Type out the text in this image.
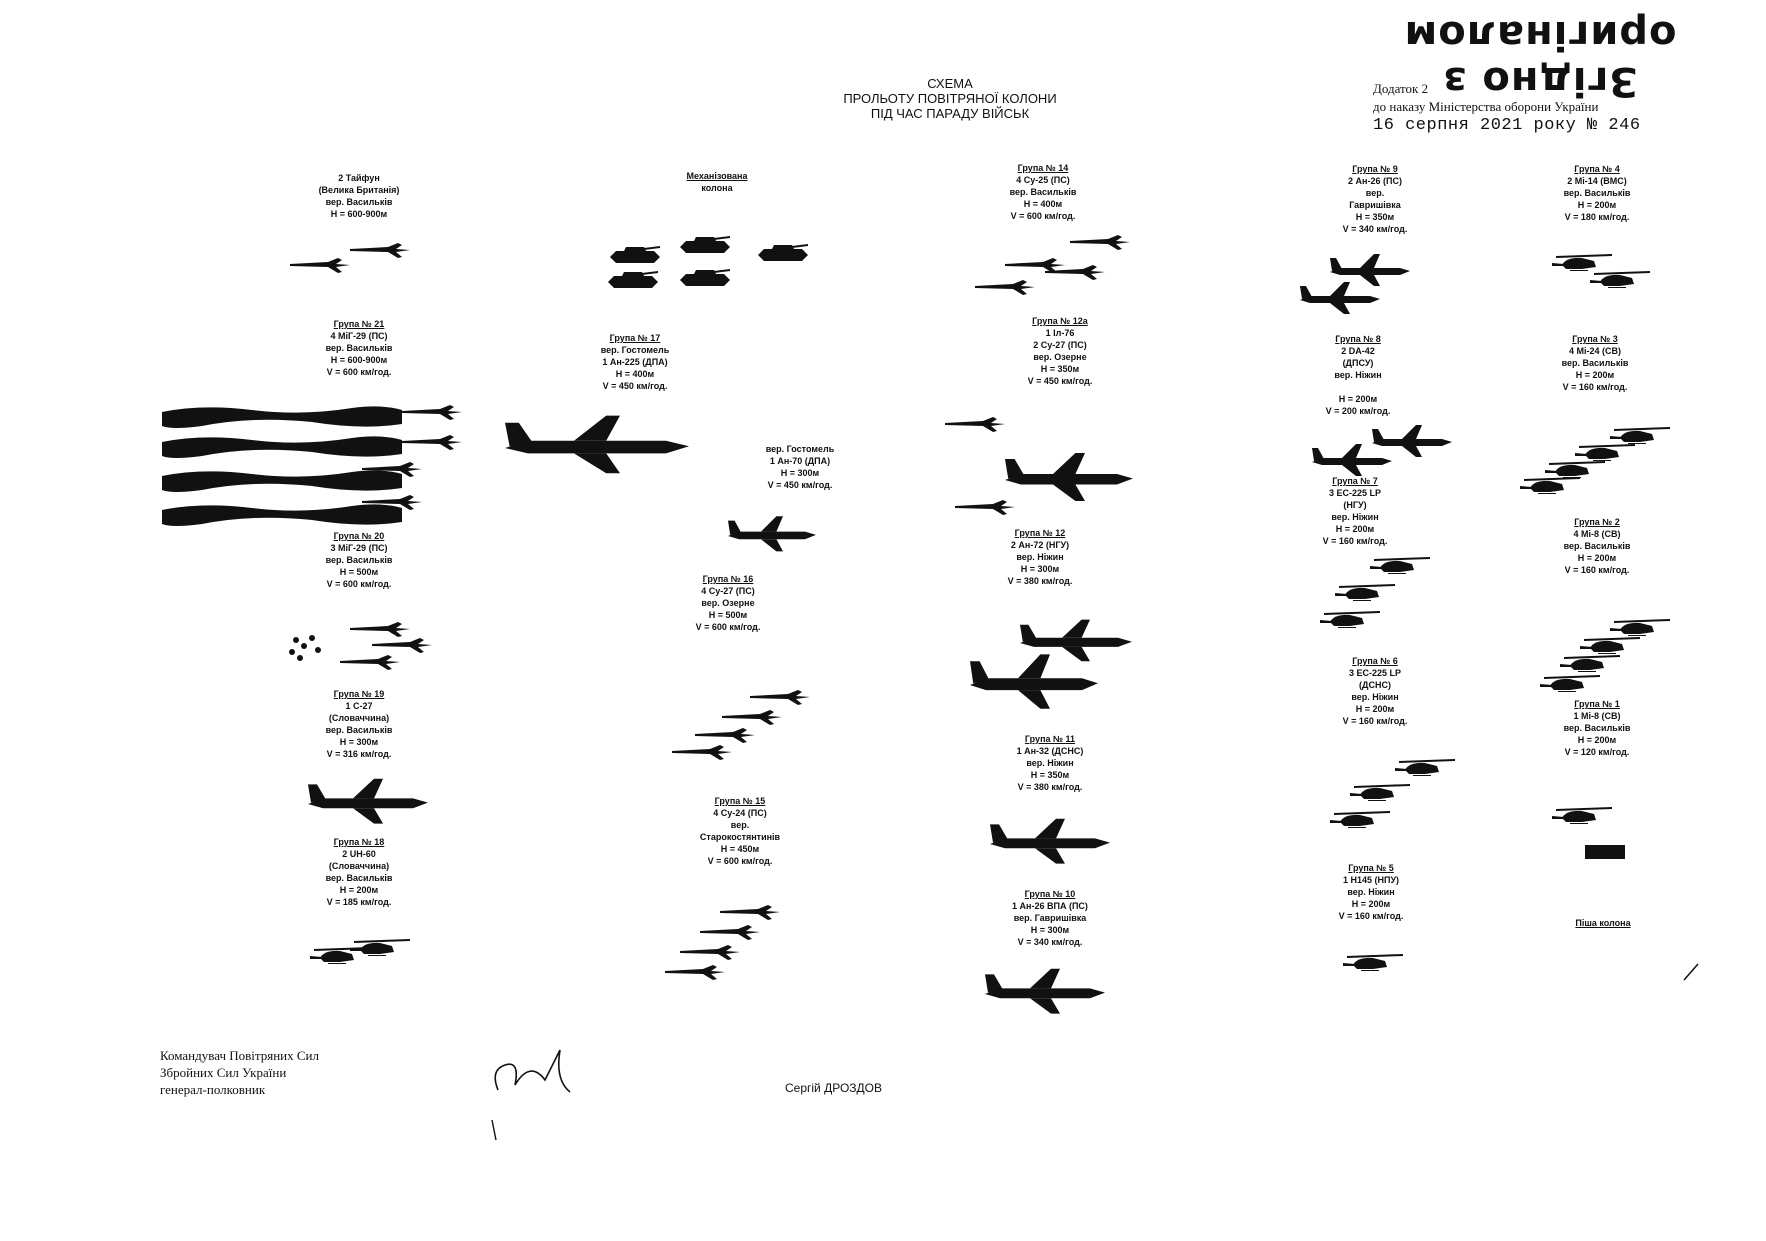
Згідно з оригіналом
СХЕМА
ПРОЛЬОТУ ПОВІТРЯНОЇ КОЛОНИ
ПІД ЧАС ПАРАДУ ВІЙСЬК
Додаток 2
до наказу Міністерства оборони України
16 серпня 2021 року № 246
2 Тайфун
(Велика Британія)
вер. Васильків
Н = 600-900м
Механізована
колона
Група № 14
4 Су-25 (ПС)
вер. Васильків
Н = 400м
V = 600 км/год.
Група № 9
2 Ан-26 (ПС)
вер.
Гавришівка
Н = 350м
V = 340 км/год.
Група № 4
2 Мі-14 (ВМС)
вер. Васильків
Н = 200м
V = 180 км/год.
Група № 21
4 МіГ-29 (ПС)
вер. Васильків
Н = 600-900м
V = 600 км/год.
Група № 17
вер. Гостомель
1 Ан-225 (ДПА)
Н = 400м
V = 450 км/год.
вер. Гостомель
1 Ан-70 (ДПА)
Н = 300м
V = 450 км/год.
Група № 12а
1 Іл-76
2 Су-27 (ПС)
вер. Озерне
Н = 350м
V = 450 км/год.
Група № 8
2 DA-42
(ДПСУ)
вер. Ніжин

Н = 200м
V = 200 км/год.
Група № 3
4 Мі-24 (СВ)
вер. Васильків
Н = 200м
V = 160 км/год.
Група № 7
3 ЕС-225 LP
(НГУ)
вер. Ніжин
Н = 200м
V = 160 км/год.
Група № 20
3 МіГ-29 (ПС)
вер. Васильків
Н = 500м
V = 600 км/год.	Група № 16
4 Су-27 (ПС)
вер. Озерне
Н = 500м
V = 600 км/год.
Група № 12
2 Ан-72 (НГУ)
вер. Ніжин
Н = 300м
V = 380 км/год.
Група № 2
4 Мі-8 (СВ)
вер. Васильків
Н = 200м
V = 160 км/год.
Група № 6
3 ЕС-225 LP
(ДСНС)
вер. Ніжин
Н = 200м
V = 160 км/год.
Група № 19
1 С-27
(Словаччина)
вер. Васильків
Н = 300м
V = 316 км/год.
Група № 1
1 Мі-8 (СВ)
вер. Васильків
Н = 200м
V = 120 км/год.
Група № 11
1 Ан-32 (ДСНС)
вер. Ніжин
Н = 350м
V = 380 км/год.
Група № 15
4 Су-24 (ПС)
вер.
Старокостянтинів
Н = 450м
V = 600 км/год.
Група № 18
2 UH-60
(Словаччина)
вер. Васильків
Н = 200м
V = 185 км/год.
Група № 10
1 Ан-26 ВПА (ПС)
вер. Гавришівка
Н = 300м
V = 340 км/год.
Група № 5
1 Н145 (НПУ)
вер. Ніжин
Н = 200м
V = 160 км/год.
Піша колона
Командувач Повітряних Сил
Збройних Сил України
генерал-полковник	Сергій ДРОЗДОВ
